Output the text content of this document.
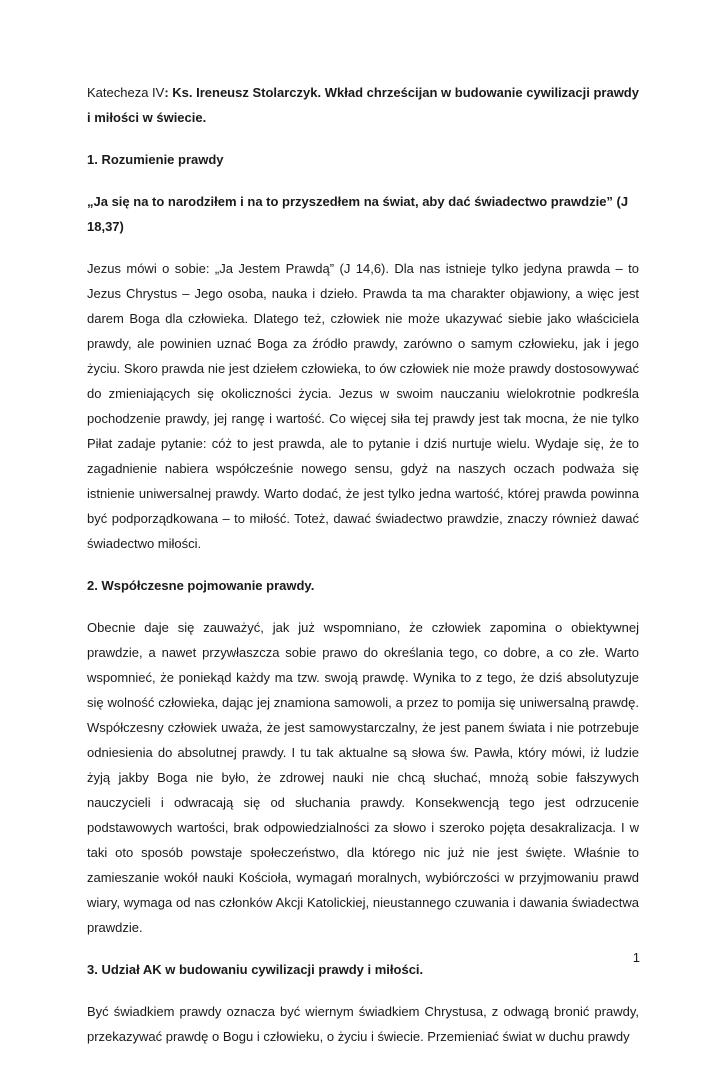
Katecheza IV: Ks. Ireneusz Stolarczyk. Wkład chrześcijan w budowanie cywilizacji prawdy i miłości w świecie.

1. Rozumienie prawdy

„Ja się na to narodziłem i na to przyszedłem na świat, aby dać świadectwo prawdzie” (J 18,37)

Jezus mówi o sobie: „Ja Jestem Prawdą” (J 14,6). Dla nas istnieje tylko jedyna prawda – to Jezus Chrystus – Jego osoba, nauka i dzieło. Prawda ta ma charakter objawiony, a więc jest darem Boga dla człowieka. Dlatego też, człowiek nie może ukazywać siebie jako właściciela prawdy, ale powinien uznać Boga za źródło prawdy, zarówno o samym człowieku, jak i jego życiu. Skoro prawda nie jest dziełem człowieka, to ów człowiek nie może prawdy dostosowywać do zmieniających się okoliczności życia. Jezus w swoim nauczaniu wielokrotnie podkreśla pochodzenie prawdy, jej rangę i wartość. Co więcej siła tej prawdy jest tak mocna, że nie tylko Piłat zadaje pytanie: cóż to jest prawda, ale to pytanie i dziś nurtuje wielu. Wydaje się, że to zagadnienie nabiera współcześnie nowego sensu, gdyż na naszych oczach podważa się istnienie uniwersalnej prawdy. Warto dodać, że jest tylko jedna wartość, której prawda powinna być podporządkowana – to miłość. Toteż, dawać świadectwo prawdzie, znaczy również dawać świadectwo miłości.

2. Współczesne pojmowanie prawdy.

Obecnie daje się zauważyć, jak już wspomniano, że człowiek zapomina o obiektywnej prawdzie, a nawet przywłaszcza sobie prawo do określania tego, co dobre, a co złe. Warto wspomnieć, że poniekąd każdy ma tzw. swoją prawdę. Wynika to z tego, że dziś absolutyzuje się wolność człowieka, dając jej znamiona samowoli, a przez to pomija się uniwersalną prawdę. Współczesny człowiek uważa, że jest samowystarczalny, że jest panem świata i nie potrzebuje odniesienia do absolutnej prawdy. I tu tak aktualne są słowa św. Pawła, który mówi, iż ludzie żyją jakby Boga nie było, że zdrowej nauki nie chcą słuchać, mnożą sobie fałszywych nauczycieli i odwracają się od słuchania prawdy. Konsekwencją tego jest odrzucenie podstawowych wartości, brak odpowiedzialności za słowo i szeroko pojęta desakralizacja. I w taki oto sposób powstaje społeczeństwo, dla którego nic już nie jest święte. Właśnie to zamieszanie wokół nauki Kościoła, wymagań moralnych, wybiórczości w przyjmowaniu prawd wiary, wymaga od nas członków Akcji Katolickiej, nieustannego czuwania i dawania świadectwa prawdzie.

3. Udział AK w budowaniu cywilizacji prawdy i miłości.

Być świadkiem prawdy oznacza być wiernym świadkiem Chrystusa, z odwagą bronić prawdy, przekazywać prawdę o Bogu i człowieku, o życiu i świecie. Przemieniać świat w duchu prawdy

1
